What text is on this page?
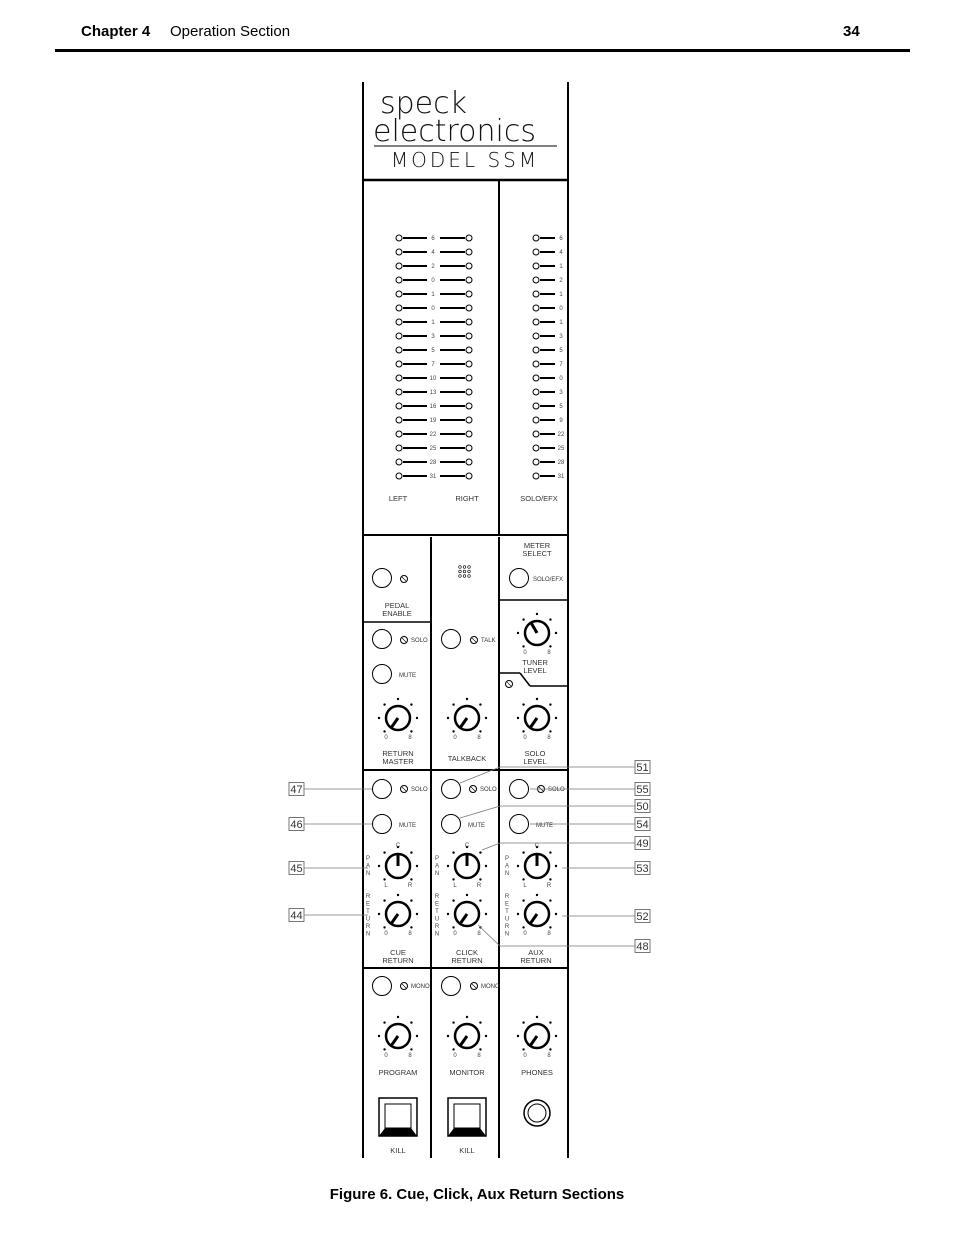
Chapter 4 Operation Section	34
speck
electronics
MODEL SSM
6	6
4	4
2	1
0	2
1	1
0	0
1	1
3	3
5	5
7	7
10	0
13	3
16	5
19	9
22	22
25	25
28	28
31	31
LEFT	RIGHT	SOLO/EFX
SOLO/EFX
SOLO
MUTE
TALK
0	8
0	8	0	8	0	8
SOLO
MUTE
SOLO
MUTE
SOLO
MUTE
P
A
N
C
L	R
R
E
T
U
R
N 0	8
P
A
N
C
L	R
R
E
T
U
R
N 0	8
P
A
N
C
L	R
R
E
T
U
R
N 0	8
MONO	MONO
0	8	0	8	0	8
PEDAL
ENABLE
METER
SELECT
TUNER
LEVEL
RETURN
MASTER	TALKBACK
SOLO
LEVEL
CUE
RETURN
CLICK
RETURN
AUX
RETURN
PROGRAM	MONITOR	PHONES
KILL	KILL
47
46
45
44
51
55
50
54
49
53
52
48
Figure 6. Cue, Click, Aux Return Sections
